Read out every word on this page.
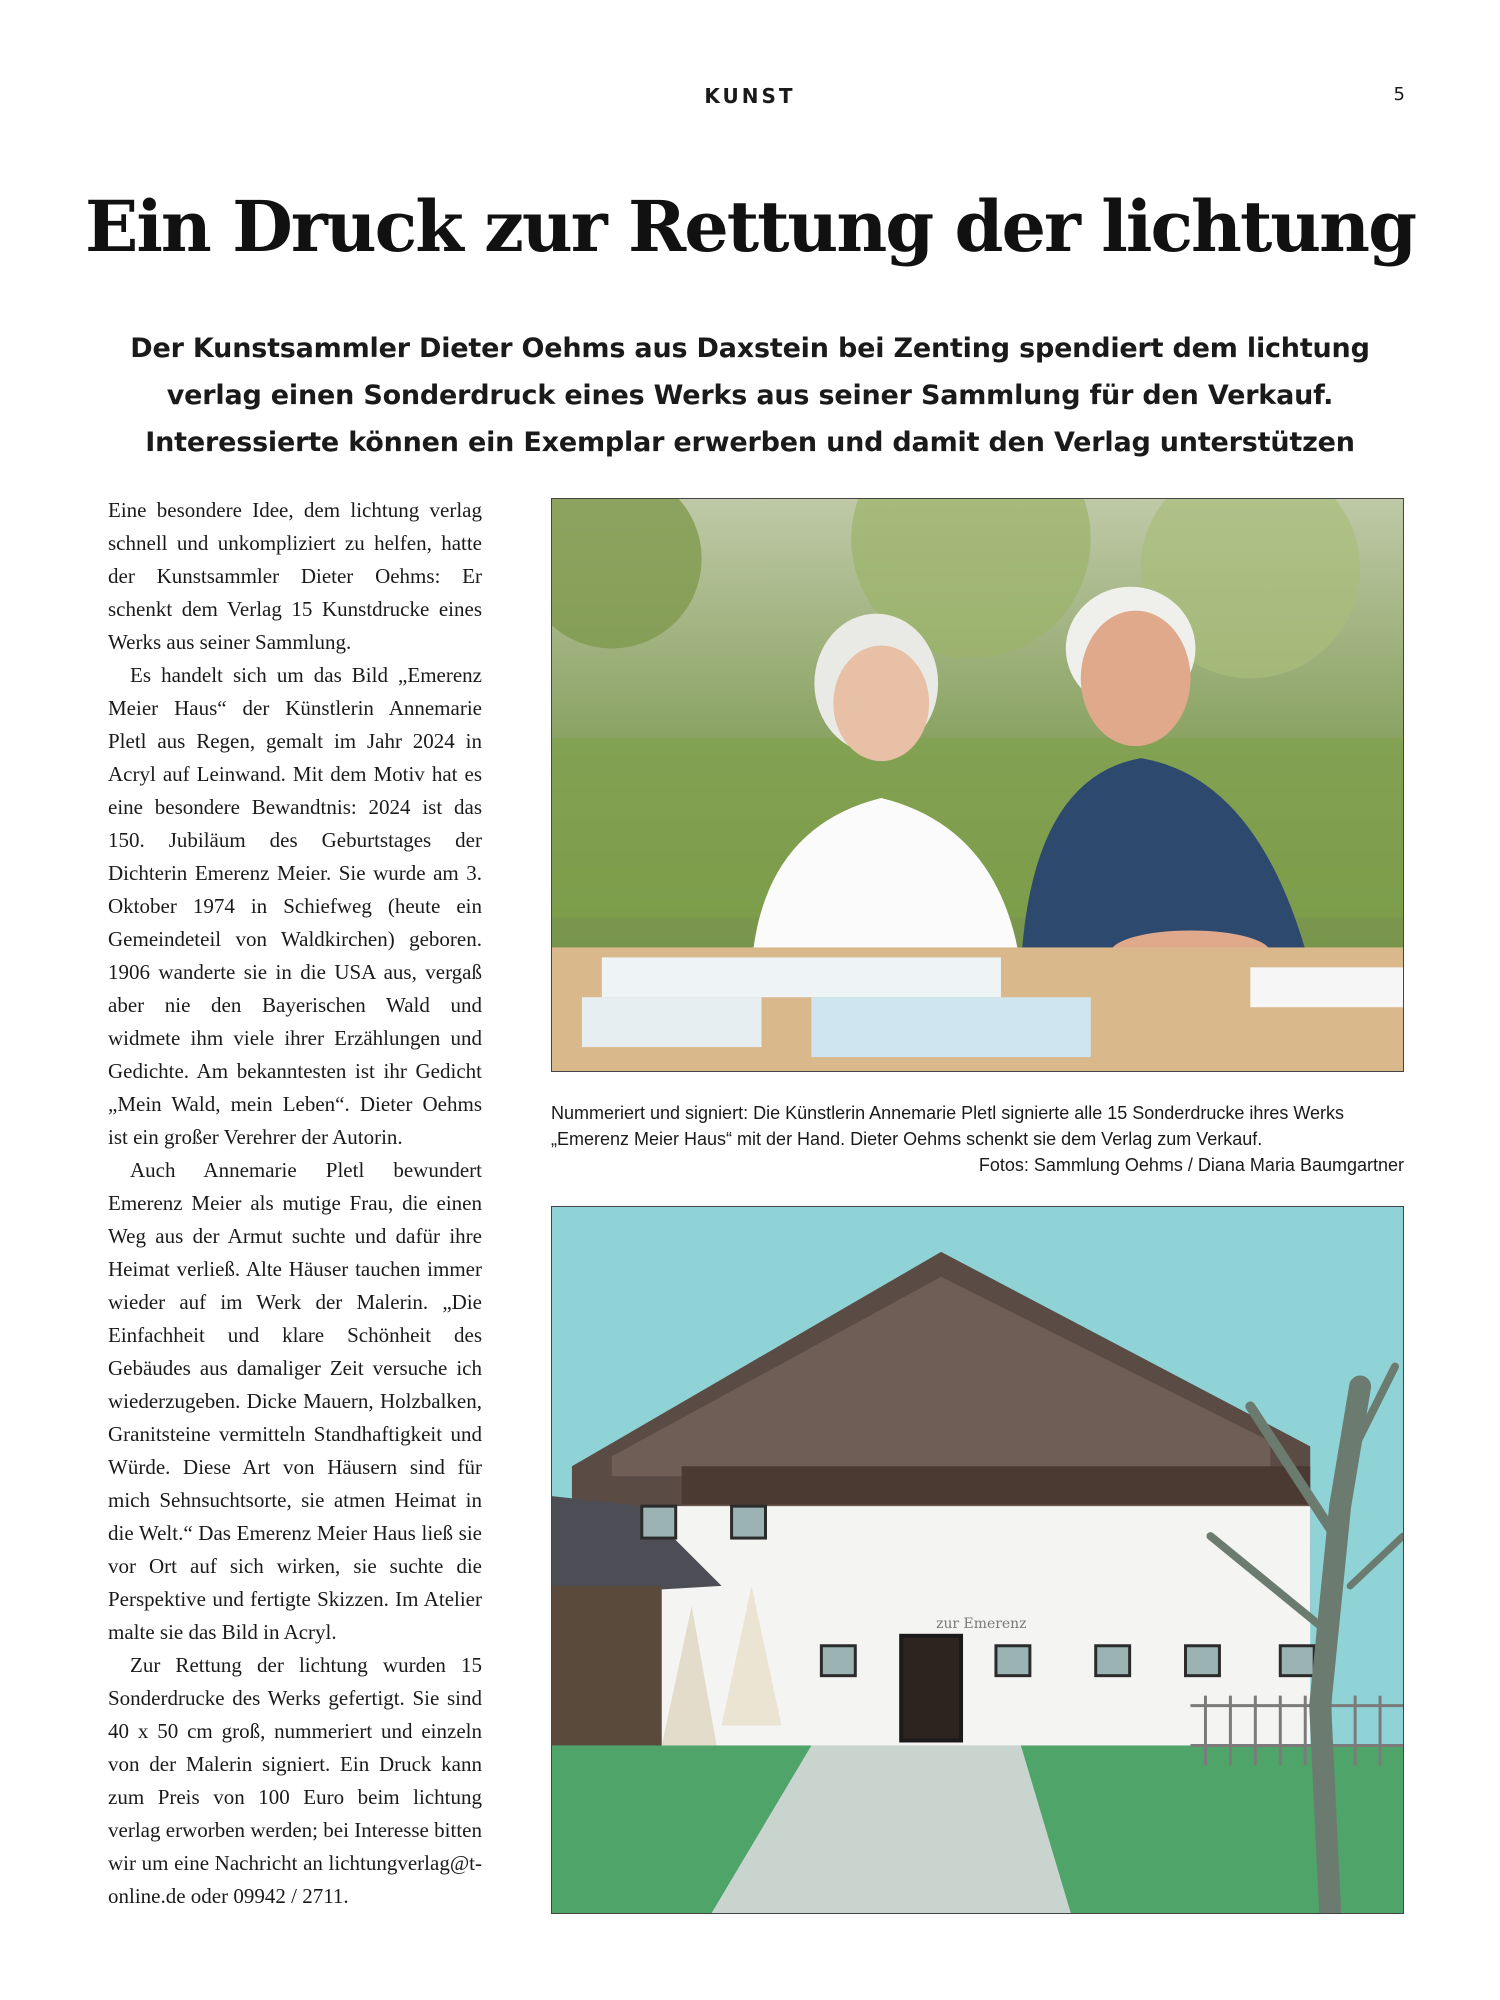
KUNST	5
Ein Druck zur Rettung der lichtung

Der Kunstsammler Dieter Oehms aus Daxstein bei Zenting spendiert dem lichtung verlag einen Sonderdruck eines Werks aus seiner Sammlung für den Verkauf. Interessierte können ein Exemplar erwerben und damit den Verlag unterstützen

Eine besondere Idee, dem lichtung verlag schnell und unkompliziert zu helfen, hatte der Kunstsammler Dieter Oehms: Er schenkt dem Verlag 15 Kunstdrucke eines Werks aus seiner Sammlung.

Es handelt sich um das Bild „Emerenz Meier Haus“ der Künstlerin Annemarie Pletl aus Regen, gemalt im Jahr 2024 in Acryl auf Leinwand. Mit dem Motiv hat es eine besondere Bewandtnis: 2024 ist das 150. Jubiläum des Geburtstages der Dichterin Emerenz Meier. Sie wurde am 3. Oktober 1974 in Schiefweg (heute ein Gemeindeteil von Waldkirchen) geboren. 1906 wanderte sie in die USA aus, vergaß aber nie den Bayerischen Wald und widmete ihm viele ihrer Erzählungen und Gedichte. Am bekanntesten ist ihr Gedicht „Mein Wald, mein Leben“. Dieter Oehms ist ein großer Verehrer der Autorin.

Auch Annemarie Pletl bewundert Emerenz Meier als mutige Frau, die einen Weg aus der Armut suchte und dafür ihre Heimat verließ. Alte Häuser tauchen immer wieder auf im Werk der Malerin. „Die Einfachheit und klare Schönheit des Gebäudes aus damaliger Zeit versuche ich wiederzugeben. Dicke Mauern, Holzbalken, Granitsteine vermitteln Standhaftigkeit und Würde. Diese Art von Häusern sind für mich Sehnsuchtsorte, sie atmen Heimat in die Welt.“ Das Emerenz Meier Haus ließ sie vor Ort auf sich wirken, sie suchte die Perspektive und fertigte Skizzen. Im Atelier malte sie das Bild in Acryl.

Zur Rettung der lichtung wurden 15 Sonderdrucke des Werks gefertigt. Sie sind 40 x 50 cm groß, nummeriert und einzeln von der Malerin signiert. Ein Druck kann zum Preis von 100 Euro beim lichtung verlag erworben werden; bei Interesse bitten wir um eine Nachricht an lichtungverlag@t-online.de oder 09942 / 2711.

Nummeriert und signiert: Die Künstlerin Annemarie Pletl signierte alle 15 Sonderdrucke ihres Werks „Emerenz Meier Haus“ mit der Hand. Dieter Oehms schenkt sie dem Verlag zum Verkauf.
Fotos: Sammlung Oehms / Diana Maria Baumgartner
zur Emerenz
